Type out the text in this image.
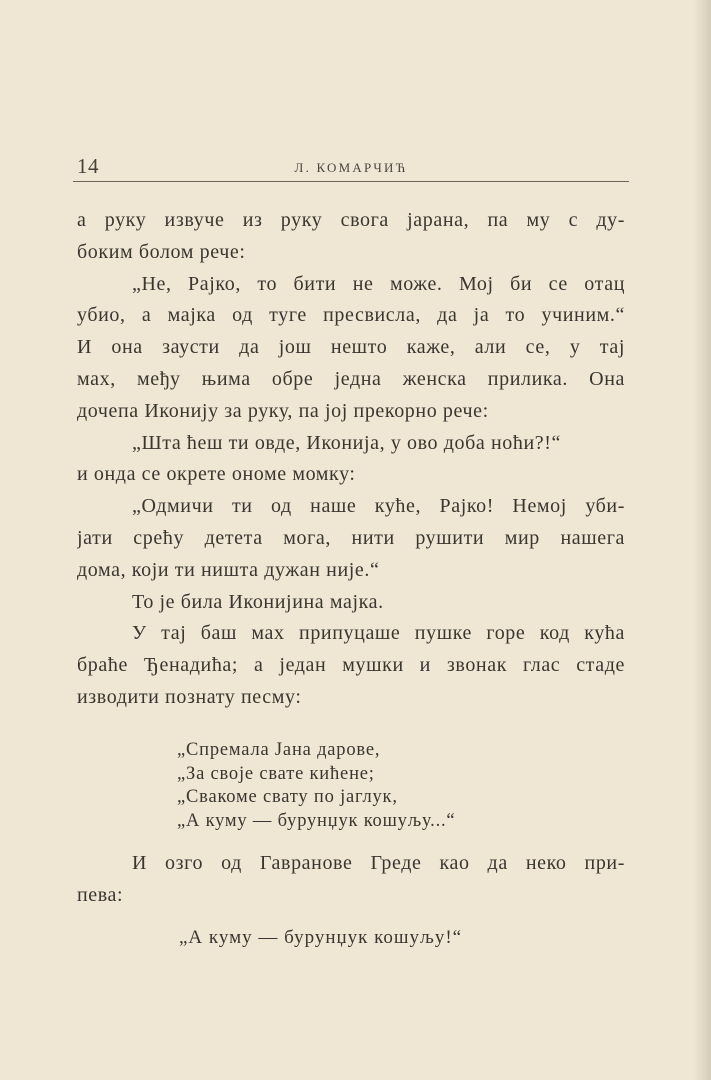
14	Л. КОМАРЧИЋ
а руку извуче из руку свога јарана, па му с ду-
боким болом рече:
„Не, Рајко, то бити не може. Мој би се отац
убио, а мајка од туге пресвисла, да ја то учиним.“
И она заусти да још нешто каже, али се, у тај
мах, међу њима обре једна женска прилика. Она
дочепа Иконију за руку, па јој прекорно рече:
„Шта ћеш ти овде, Иконија, у ово доба ноћи?!“
и онда се окрете ономе момку:
„Одмичи ти од наше куће, Рајко! Немој уби-
јати срећу детета мога, нити рушити мир нашега
дома, који ти ништа дужан није.“
То је била Иконијина мајка.
У тај баш мах припуцаше пушке горе код кућа
браће Ђенадића; а један мушки и звонак глас стаде
изводити познату песму:
„Спремала Јана дарове,
„За своје свате кићене;
„Свакоме свату по јаглук,
„А куму — бурунџук кошуљу...“
И озго од Гавранове Греде као да неко при-
пева:
„А куму — бурунџук кошуљу!“
